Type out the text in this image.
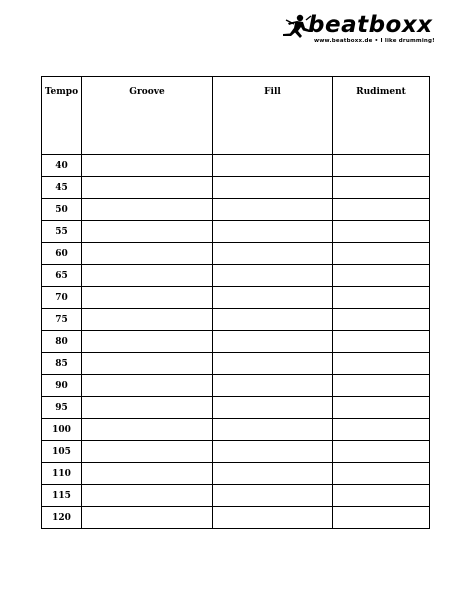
beatboxx
www.beatboxx.de • I like drumming!
Tempo	Groove	Fill	Rudiment
40			
45			
50			
55			
60			
65			
70			
75			
80			
85			
90			
95			
100			
105			
110			
115			
120			
